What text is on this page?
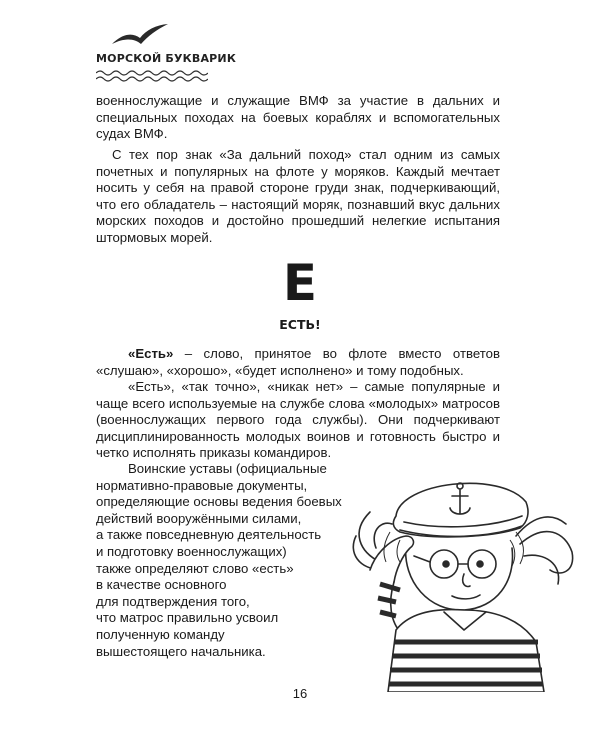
МОРСКОЙ БУКВАРИК

военнослужащие и служащие ВМФ за участие в дальних и специальных походах на боевых кораблях и вспомогательных судах ВМФ.

С тех пор знак «За дальний поход» стал одним из самых почетных и популярных на флоте у моряков. Каждый мечтает носить у себя на правой стороне груди знак, подчеркивающий, что его обладатель – настоящий моряк, познавший вкус дальних морских походов и достойно прошедший нелегкие испытания штормовых морей.

Е
ЕСТЬ!

«Есть» – слово, принятое во флоте вместо ответов «слушаю», «хорошо», «будет исполнено» и тому подобных.

«Есть», «так точно», «никак нет» – самые популярные и чаще всего используемые на службе слова «молодых» матросов (военнослужащих первого года службы). Они подчеркивают дисциплинированность молодых воинов и готовность быстро и четко исполнять приказы командиров.

Воинские уставы (официальные
нормативно-правовые документы,
определяющие основы ведения боевых
действий вооружёнными силами,
а также повседневную деятельность
и подготовку военнослужащих)
также определяют слово «есть»
в качестве основного
для подтверждения того,
что матрос правильно усвоил
полученную команду
вышестоящего начальника.
16
